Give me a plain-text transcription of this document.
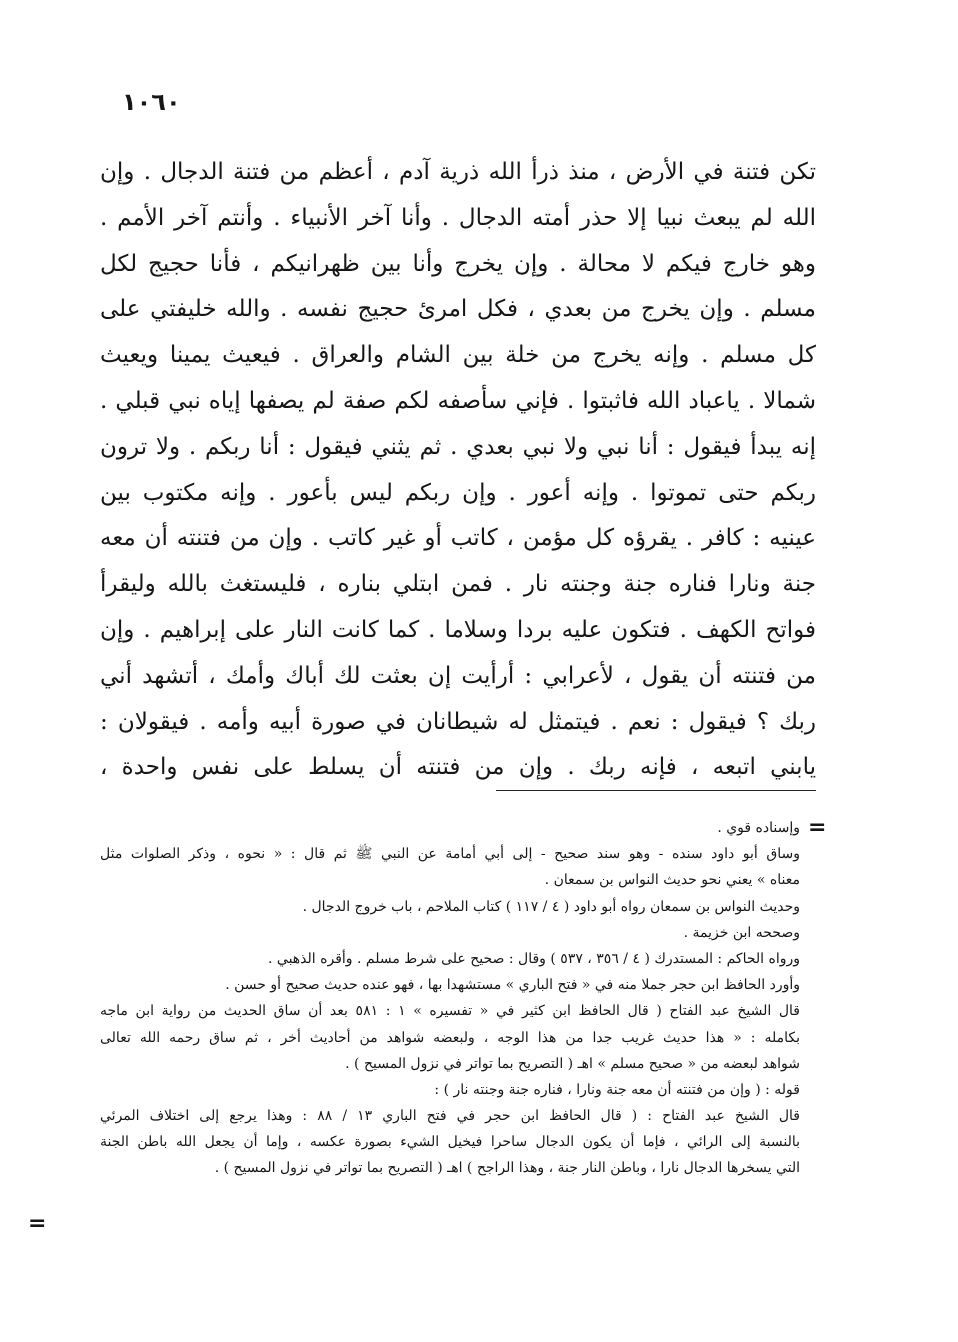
١٠٦٠
تكن فتنة في الأرض ، منذ ذرأ الله ذرية آدم ، أعظم من فتنة الدجال . وإن
الله لم يبعث نبيا إلا حذر أمته الدجال . وأنا آخر الأنبياء . وأنتم آخر الأمم .
وهو خارج فيكم لا محالة . وإن يخرج وأنا بين ظهرانيكم ، فأنا حجيج لكل
مسلم . وإن يخرج من بعدي ، فكل امرئ حجيج نفسه . والله خليفتي على
كل مسلم . وإنه يخرج من خلة بين الشام والعراق . فيعيث يمينا ويعيث
شمالا . ياعباد الله فاثبتوا . فإني سأصفه لكم صفة لم يصفها إياه نبي قبلي .
إنه يبدأ فيقول : أنا نبي ولا نبي بعدي . ثم يثني فيقول : أنا ربكم . ولا ترون
ربكم حتى تموتوا . وإنه أعور . وإن ربكم ليس بأعور . وإنه مكتوب بين
عينيه : كافر . يقرؤه كل مؤمن ، كاتب أو غير كاتب . وإن من فتنته أن معه
جنة ونارا فناره جنة وجنته نار . فمن ابتلي بناره ، فليستغث بالله وليقرأ
فواتح الكهف . فتكون عليه بردا وسلاما . كما كانت النار على إبراهيم . وإن
من فتنته أن يقول ، لأعرابي : أرأيت إن بعثت لك أباك وأمك ، أتشهد أني
ربك ؟ فيقول : نعم . فيتمثل له شيطانان في صورة أبيه وأمه . فيقولان :
يابني اتبعه ، فإنه ربك . وإن من فتنته أن يسلط على نفس واحدة ،
=
وإسناده قوي .
وساق أبو داود سنده - وهو سند صحيح - إلى أبي أمامة عن النبي ﷺ ثم قال : « نحوه ، وذكر الصلوات مثل
معناه » يعني نحو حديث النواس بن سمعان .
وحديث النواس بن سمعان رواه أبو داود ( ٤ / ١١٧ ) كتاب الملاحم ، باب خروج الدجال .
وصححه ابن خزيمة .
ورواه الحاكم : المستدرك ( ٤ / ٣٥٦ ، ٥٣٧ ) وقال : صحيح على شرط مسلم . وأقره الذهبي .
وأورد الحافظ ابن حجر جملا منه في « فتح الباري » مستشهدا بها ، فهو عنده حديث صحيح أو حسن .
قال الشيخ عبد الفتاح ( قال الحافظ ابن كثير في « تفسيره » ١ : ٥٨١ بعد أن ساق الحديث من رواية ابن ماجه
بكامله : « هذا حديث غريب جدا من هذا الوجه ، ولبعضه شواهد من أحاديث أخر ، ثم ساق رحمه الله تعالى
شواهد لبعضه من « صحيح مسلم » اهـ ( التصريح بما تواتر في نزول المسيح ) .
قوله : ( وإن من فتنته أن معه جنة ونارا ، فناره جنة وجنته نار ) :
قال الشيخ عبد الفتاح : ( قال الحافظ ابن حجر في فتح الباري ١٣ / ٨٨ : وهذا يرجع إلى اختلاف المرئي
بالنسبة إلى الرائي ، فإما أن يكون الدجال ساحرا فيخيل الشيء بصورة عكسه ، وإما أن يجعل الله باطن الجنة
التي يسخرها الدجال نارا ، وباطن النار جنة ، وهذا الراجح ) اهـ ( التصريح بما تواتر في نزول المسيح ) .
=
